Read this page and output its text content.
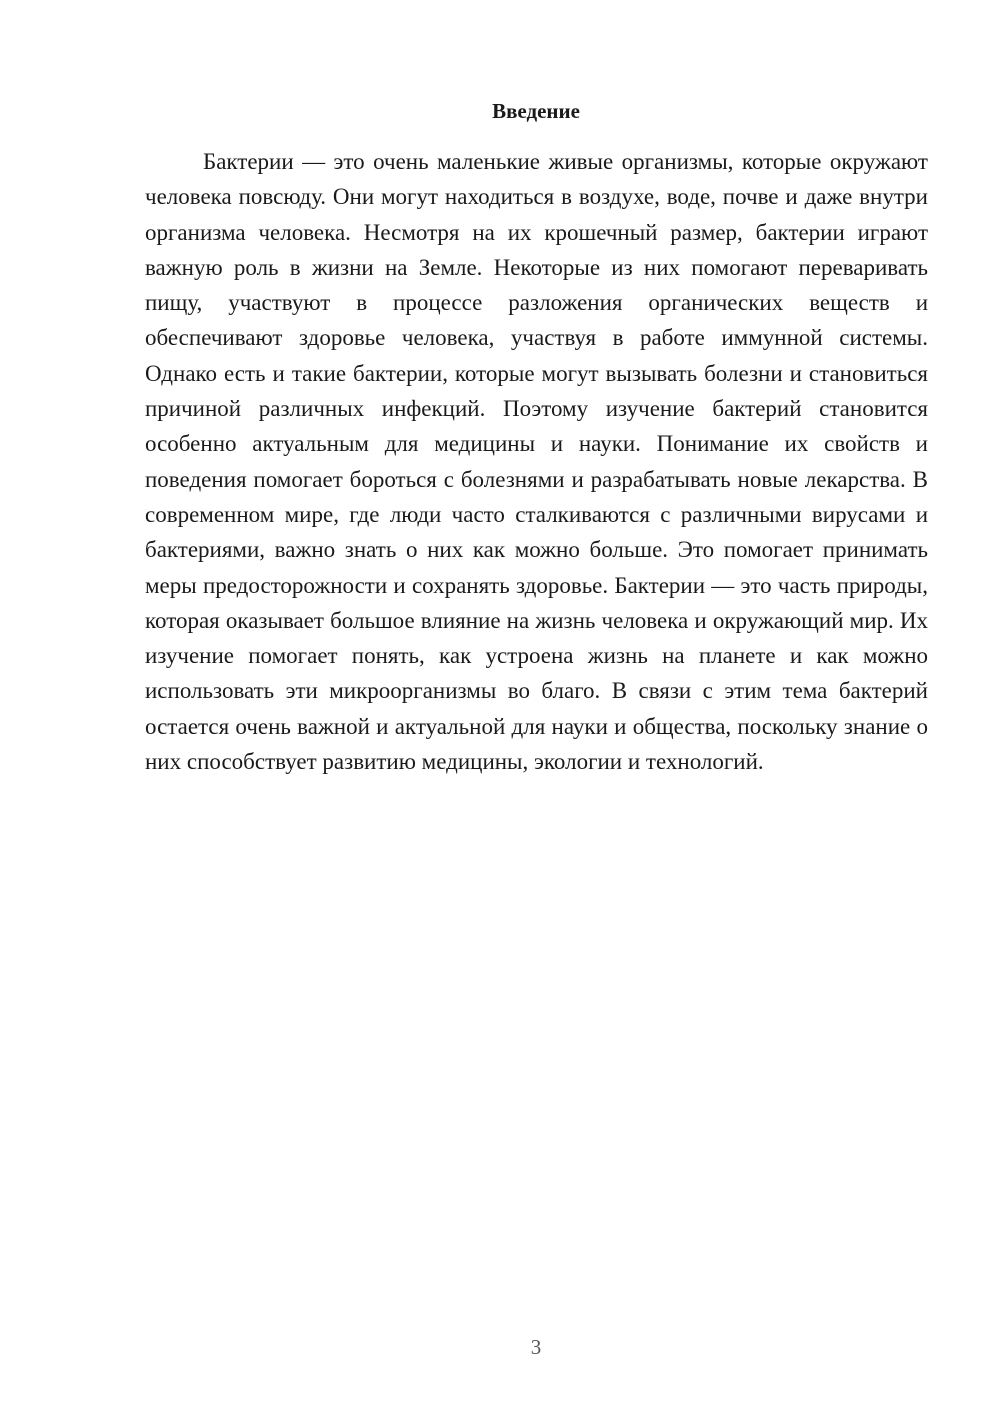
Введение

Бактерии — это очень маленькие живые организмы, которые окружают человека повсюду. Они могут находиться в воздухе, воде, почве и даже внутри организма человека. Несмотря на их крошечный размер, бактерии играют важную роль в жизни на Земле. Некоторые из них помогают переваривать пищу, участвуют в процессе разложения органических веществ и обеспечивают здоровье человека, участвуя в работе иммунной системы. Однако есть и такие бактерии, которые могут вызывать болезни и становиться причиной различных инфекций. Поэтому изучение бактерий становится особенно актуальным для медицины и науки. Понимание их свойств и поведения помогает бороться с болезнями и разрабатывать новые лекарства. В современном мире, где люди часто сталкиваются с различными вирусами и бактериями, важно знать о них как можно больше. Это помогает принимать меры предосторожности и сохранять здоровье. Бактерии — это часть природы, которая оказывает большое влияние на жизнь человека и окружающий мир. Их изучение помогает понять, как устроена жизнь на планете и как можно использовать эти микроорганизмы во благо. В связи с этим тема бактерий остается очень важной и актуальной для науки и общества, поскольку знание о них способствует развитию медицины, экологии и технологий.

3
